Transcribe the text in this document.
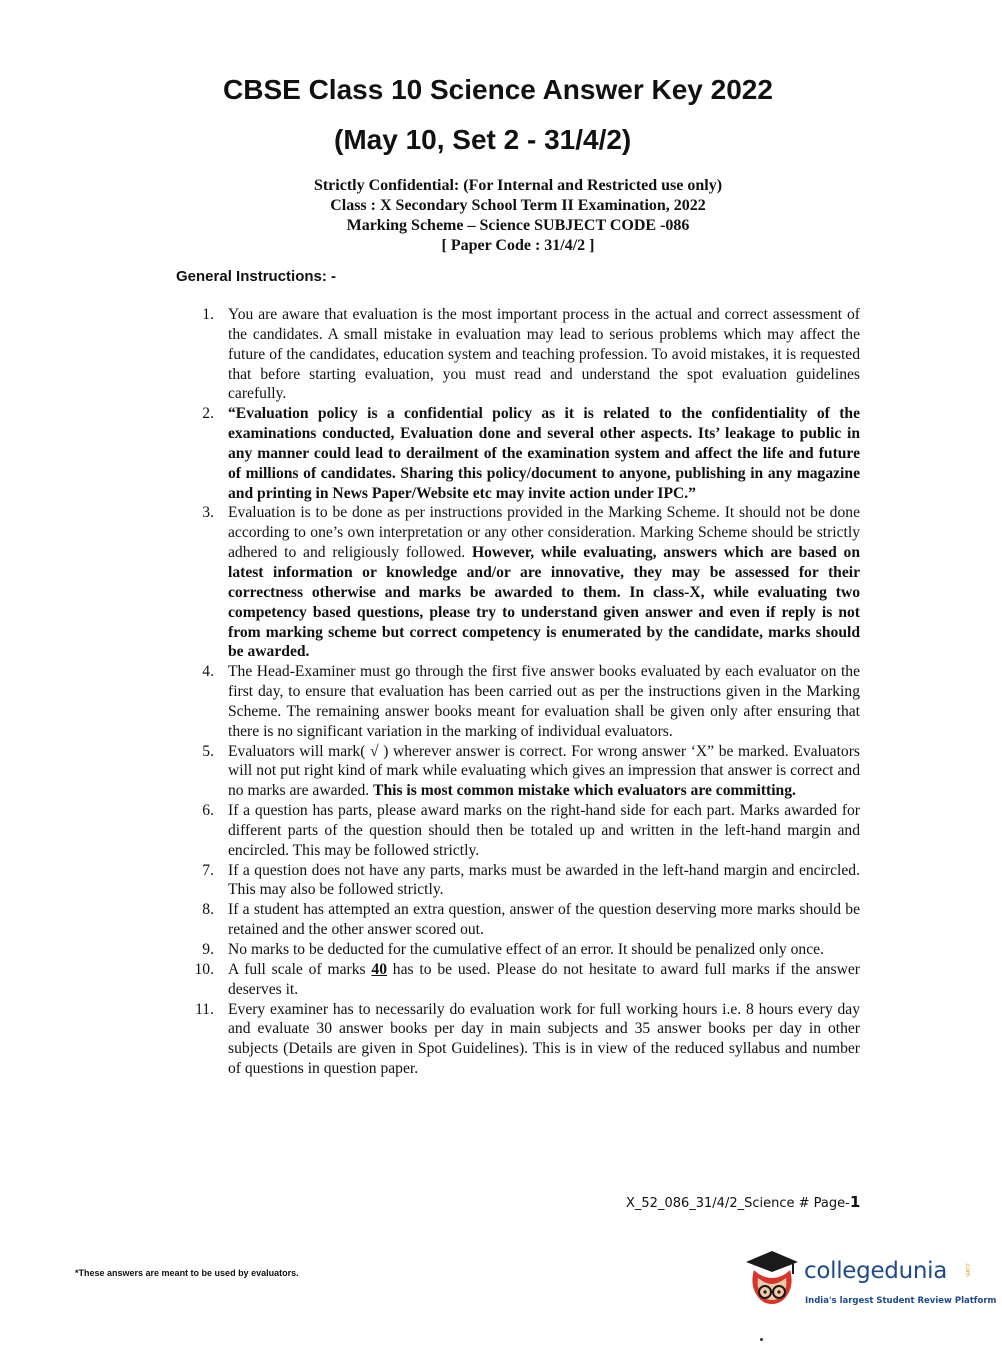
CBSE Class 10 Science Answer Key 2022
(May 10, Set 2 - 31/4/2)
Strictly Confidential: (For Internal and Restricted use only)
Class : X Secondary School Term II Examination, 2022
Marking Scheme – Science SUBJECT CODE -086
[ Paper Code : 31/4/2 ]
General Instructions: -
1. You are aware that evaluation is the most important process in the actual and correct assessment of the candidates. A small mistake in evaluation may lead to serious problems which may affect the future of the candidates, education system and teaching profession. To avoid mistakes, it is requested that before starting evaluation, you must read and understand the spot evaluation guidelines carefully.
2. “Evaluation policy is a confidential policy as it is related to the confidentiality of the examinations conducted, Evaluation done and several other aspects. Its’ leakage to public in any manner could lead to derailment of the examination system and affect the life and future of millions of candidates. Sharing this policy/document to anyone, publishing in any magazine and printing in News Paper/Website etc may invite action under IPC.”
3. Evaluation is to be done as per instructions provided in the Marking Scheme. It should not be done according to one’s own interpretation or any other consideration. Marking Scheme should be strictly adhered to and religiously followed. However, while evaluating, answers which are based on latest information or knowledge and/or are innovative, they may be assessed for their correctness otherwise and marks be awarded to them. In class-X, while evaluating two competency based questions, please try to understand given answer and even if reply is not from marking scheme but correct competency is enumerated by the candidate, marks should be awarded.
4. The Head-Examiner must go through the first five answer books evaluated by each evaluator on the first day, to ensure that evaluation has been carried out as per the instructions given in the Marking Scheme. The remaining answer books meant for evaluation shall be given only after ensuring that there is no significant variation in the marking of individual evaluators.
5. Evaluators will mark( √ ) wherever answer is correct. For wrong answer ‘X” be marked. Evaluators will not put right kind of mark while evaluating which gives an impression that answer is correct and no marks are awarded. This is most common mistake which evaluators are committing.
6. If a question has parts, please award marks on the right-hand side for each part. Marks awarded for different parts of the question should then be totaled up and written in the left-hand margin and encircled. This may be followed strictly.
7. If a question does not have any parts, marks must be awarded in the left-hand margin and encircled. This may also be followed strictly.
8. If a student has attempted an extra question, answer of the question deserving more marks should be retained and the other answer scored out.
9. No marks to be deducted for the cumulative effect of an error. It should be penalized only once.
10. A full scale of marks 40 has to be used. Please do not hesitate to award full marks if the answer deserves it.
11. Every examiner has to necessarily do evaluation work for full working hours i.e. 8 hours every day and evaluate 30 answer books per day in main subjects and 35 answer books per day in other subjects (Details are given in Spot Guidelines). This is in view of the reduced syllabus and number of questions in question paper.
X_52_086_31/4/2_Science # Page-1
*These answers are meant to be used by evaluators.	collegedunia	.com
India's largest Student Review Platform
